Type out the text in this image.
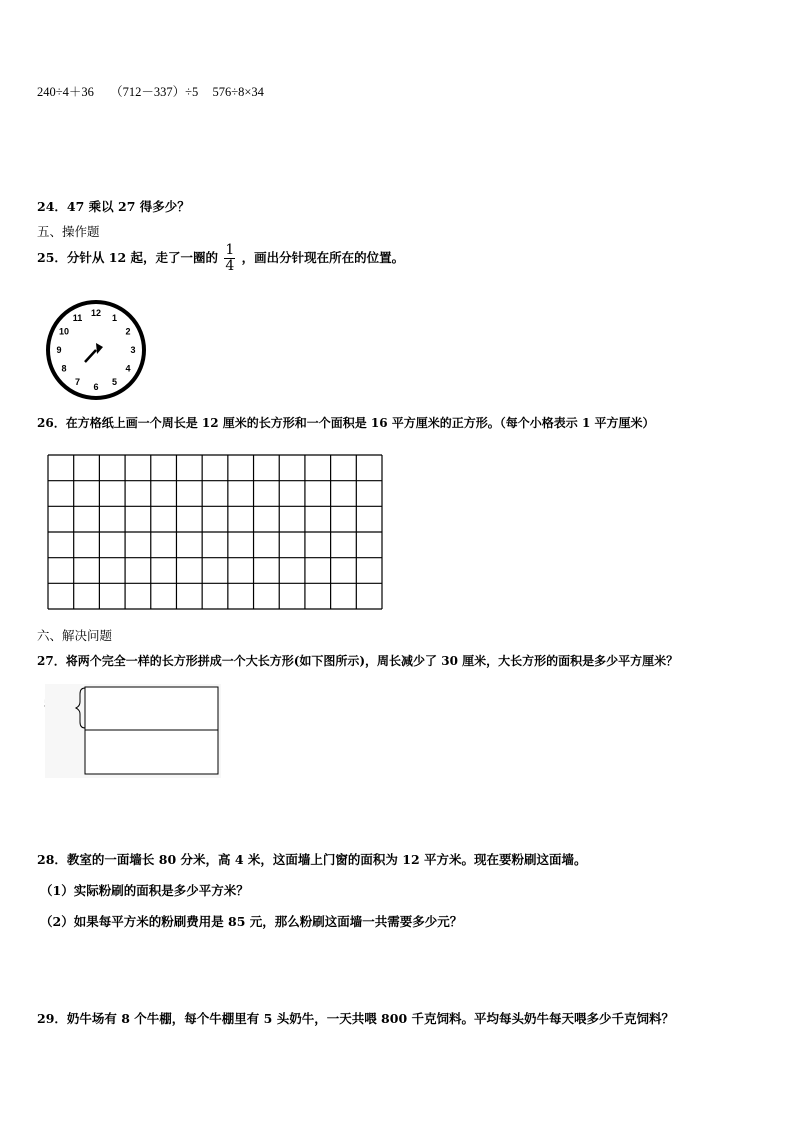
240÷4＋36 （712－337）÷5 576÷8×34
24．47 乘以 27 得多少？
五、操作题
25．分针从 12 起，走了一圈的 $\frac{1}{4}$ ，画出分针现在所在的位置。
12 1
2
3
4
5
6
7
8
9
10
11
26．在方格纸上画一个周长是 12 厘米的长方形和一个面积是 16 平方厘米的正方形。（每个小格表示 1 平方厘米）
六、解决问题
27．将两个完全一样的长方形拼成一个大长方形(如下图所示)，周长减少了 30 厘米，大长方形的面积是多少平方厘米？
28．教室的一面墙长 80 分米，高 4 米，这面墙上门窗的面积为 12 平方米。现在要粉刷这面墙。
（1）实际粉刷的面积是多少平方米？
（2）如果每平方米的粉刷费用是 85 元，那么粉刷这面墙一共需要多少元？
29．奶牛场有 8 个牛棚，每个牛棚里有 5 头奶牛，一天共喂 800 千克饲料。平均每头奶牛每天喂多少千克饲料？
